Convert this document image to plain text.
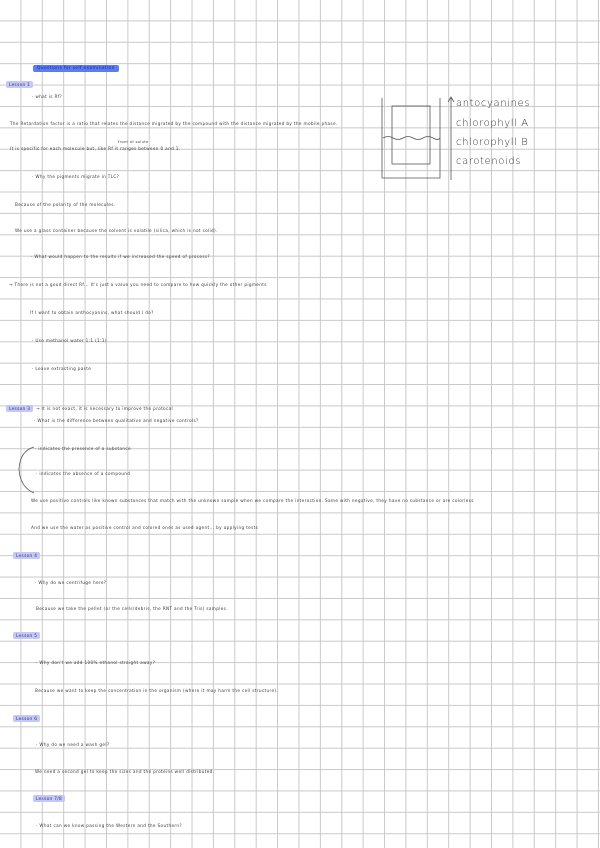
Questions for self examination
Lesson 1
· what is Rf?
The Retardation factor is a ratio that relates the distance migrated by the compound with the distance migrated by the mobile phase.
front of solute
It is specific for each molecule but, like Rf it ranges between 0 and 1.
· Why the pigments migrate in TLC?
Because of the polarity of the molecules.
We use a glass container because the solvent is volatile (silica, which is not solid).
· What would happen to the results if we increased the speed of process?
→ There is not a good direct Rf... It's just a value you need to compare to how quickly the other pigments
If I want to obtain anthocyanins, what should I do?
· Use methanol water 1:1 (1:1)
· Leave extracting paste
antocyanines
chlorophyll A
chlorophyll B
carotenoids
Lesson 3	→ It is not exact, it is necessary to improve the protocol
· What is the difference between qualitative and negative controls?
· indicates the presence of a substance
· indicates the absence of a compound
We use positive controls like known substances that match with the unknown sample when we compare the interaction. Same with negative, they have no substance or are colorless
And we use the water as positive control and colored ones as used agent... by applying tests
Lesson 4
· Why do we centrifuge here?
Because we take the pellet (or the cells/debris, the RNT and the Tris) samples.
Lesson 5
· Why don't we add 100% ethanol straight away?
Because we want to keep the concentration in the organism (where it may harm the cell structure).
Lesson 6
· Why do we need a wash gel?
We need a second gel to keep the sizes and the proteins well distributed.
Lesson 7/8
· What can we know passing the Western and the Southern?
